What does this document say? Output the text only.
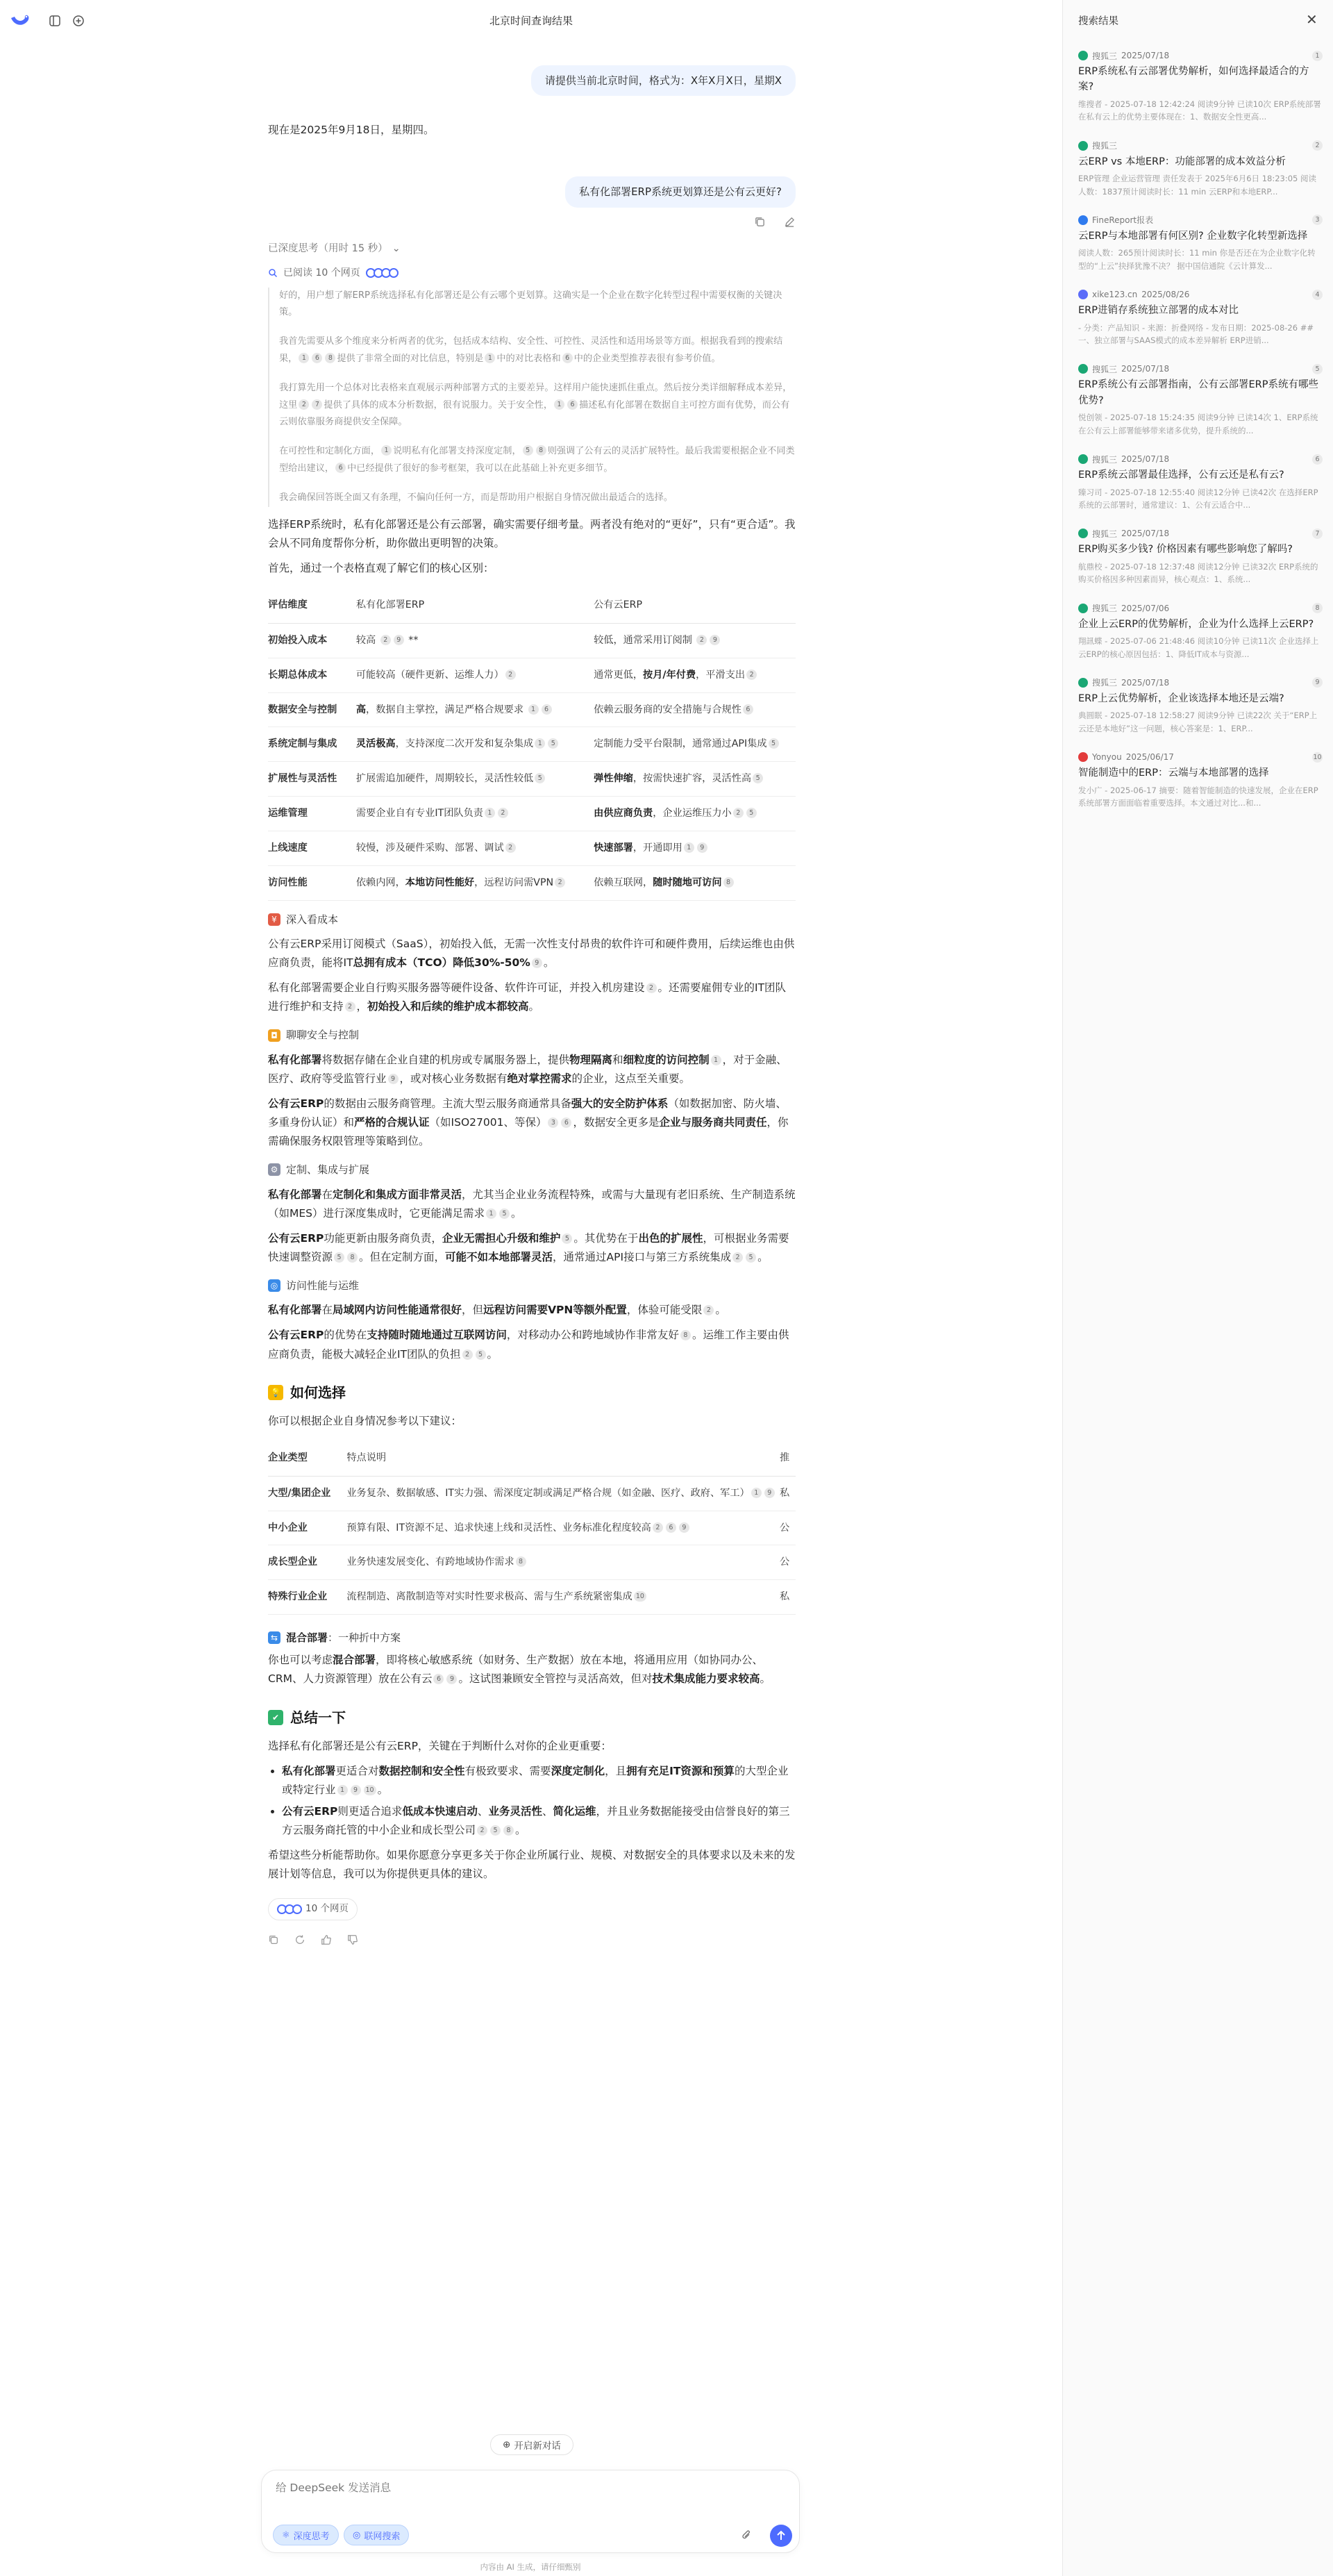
北京时间查询结果
请提供当前北京时间，格式为：X年X月X日，星期X

现在是2025年9月18日，星期四。

私有化部署ERP系统更划算还是公有云更好?
已深度思考（用时 15 秒） ⌄
已阅读 10 个网页

好的，用户想了解ERP系统选择私有化部署还是公有云哪个更划算。这确实是一个企业在数字化转型过程中需要权衡的关键决策。

我首先需要从多个维度来分析两者的优劣，包括成本结构、安全性、可控性、灵活性和适用场景等方面。根据我看到的搜索结果， 1 6 8 提供了非常全面的对比信息，特别是 1 中的对比表格和 6 中的企业类型推荐表很有参考价值。

我打算先用一个总体对比表格来直观展示两种部署方式的主要差异。这样用户能快速抓住重点。然后按分类详细解释成本差异，这里 2 7 提供了具体的成本分析数据，很有说服力。关于安全性， 1 6 描述私有化部署在数据自主可控方面有优势，而公有云则依靠服务商提供安全保障。

在可控性和定制化方面， 1 说明私有化部署支持深度定制， 5 8 则强调了公有云的灵活扩展特性。最后我需要根据企业不同类型给出建议， 6 中已经提供了很好的参考框架，我可以在此基础上补充更多细节。

我会确保回答既全面又有条理，不偏向任何一方，而是帮助用户根据自身情况做出最适合的选择。

选择ERP系统时，私有化部署还是公有云部署，确实需要仔细考量。两者没有绝对的“更好”，只有“更合适”。我会从不同角度帮你分析，助你做出更明智的决策。

首先，通过一个表格直观了解它们的核心区别：

评估维度	私有化部署ERP	公有云ERP
初始投入成本	较高 2 9 **	较低，通常采用订阅制 2 9
长期总体成本	可能较高（硬件更新、运维人力） 2	通常更低，按月/年付费，平滑支出 2
数据安全与控制	高，数据自主掌控，满足严格合规要求 1 6	依赖云服务商的安全措施与合规性 6
系统定制与集成	灵活极高，支持深度二次开发和复杂集成 1 5	定制能力受平台限制，通常通过API集成 5
扩展性与灵活性	扩展需追加硬件，周期较长，灵活性较低 5	弹性伸缩，按需快速扩容，灵活性高 5
运维管理	需要企业自有专业IT团队负责 1 2	由供应商负责，企业运维压力小 2 5
上线速度	较慢，涉及硬件采购、部署、调试 2	快速部署，开通即用 1 9
访问性能	依赖内网，本地访问性能好，远程访问需VPN 2	依赖互联网，随时随地可访问 8
¥ 深入看成本

公有云ERP采用订阅模式（SaaS），初始投入低，无需一次性支付昂贵的软件许可和硬件费用，后续运维也由供应商负责，能将IT总拥有成本（TCO）降低30%-50% 9 。

私有化部署需要企业自行购买服务器等硬件设备、软件许可证，并投入机房建设 2 。还需要雇佣专业的IT团队进行维护和支持 2 ，初始投入和后续的维护成本都较高。

◘ 聊聊安全与控制

私有化部署将数据存储在企业自建的机房或专属服务器上，提供物理隔离和细粒度的访问控制 1 ，对于金融、医疗、政府等受监管行业 9 ，或对核心业务数据有绝对掌控需求的企业，这点至关重要。

公有云ERP的数据由云服务商管理。主流大型云服务商通常具备强大的安全防护体系（如数据加密、防火墙、多重身份认证）和严格的合规认证（如ISO27001、等保） 3 6 ，数据安全更多是企业与服务商共同责任，你需确保服务权限管理等策略到位。

⚙ 定制、集成与扩展

私有化部署在定制化和集成方面非常灵活，尤其当企业业务流程特殊，或需与大量现有老旧系统、生产制造系统（如MES）进行深度集成时，它更能满足需求 1 5 。

公有云ERP功能更新由服务商负责，企业无需担心升级和维护 5 。其优势在于出色的扩展性，可根据业务需要快速调整资源 5 8 。但在定制方面，可能不如本地部署灵活，通常通过API接口与第三方系统集成 2 5 。

◎ 访问性能与运维

私有化部署在局域网内访问性能通常很好，但远程访问需要VPN等额外配置，体验可能受限 2 。

公有云ERP的优势在支持随时随地通过互联网访问，对移动办公和跨地域协作非常友好 8 。运维工作主要由供应商负责，能极大减轻企业IT团队的负担 2 5 。

💡 如何选择

你可以根据企业自身情况参考以下建议：

企业类型	特点说明	推
大型/集团企业	业务复杂、数据敏感、IT实力强、需深度定制或满足严格合规（如金融、医疗、政府、军工） 1 9	私
中小企业	预算有限、IT资源不足、追求快速上线和灵活性、业务标准化程度较高 2 6 9	公
成长型企业	业务快速发展变化、有跨地域协作需求 8	公
特殊行业企业	流程制造、离散制造等对实时性要求极高、需与生产系统紧密集成 10	私
⇆ 混合部署：一种折中方案

你也可以考虑混合部署，即将核心敏感系统（如财务、生产数据）放在本地，将通用应用（如协同办公、CRM、人力资源管理）放在公有云 6 9 。这试图兼顾安全管控与灵活高效，但对技术集成能力要求较高。

✔ 总结一下

选择私有化部署还是公有云ERP，关键在于判断什么对你的企业更重要：

• 私有化部署更适合对数据控制和安全性有极致要求、需要深度定制化，且拥有充足IT资源和预算的大型企业或特定行业 1 9 10 。
• 公有云ERP则更适合追求低成本快速启动、业务灵活性、简化运维，并且业务数据能接受由信誉良好的第三方云服务商托管的中小企业和成长型公司 2 5 8 。

希望这些分析能帮助你。如果你愿意分享更多关于你企业所属行业、规模、对数据安全的具体要求以及未来的发展计划等信息，我可以为你提供更具体的建议。

10 个网页
⊕ 开启新对话
给 DeepSeek 发送消息
⚛ 深度思考	◎ 联网搜索
内容由 AI 生成，请仔细甄别
搜索结果	✕
搜狐三 2025/07/18	1
ERP系统私有云部署优势解析，如何选择最适合的方案?
维搜者 - 2025-07-18 12:42:24 阅读9分钟 已读10次 ERP系统部署在私有云上的优势主要体现在：1、数据安全性更高...
搜狐三	2
云ERP vs 本地ERP：功能部署的成本效益分析
ERP管理 企业运营管理 责任发表于 2025年6月6日 18:23:05 阅读人数：1837预计阅读时长：11 min 云ERP和本地ERP...
FineReport报表	3
云ERP与本地部署有何区别? 企业数字化转型新选择
阅读人数：265预计阅读时长：11 min 你是否还在为企业数字化转型的“上云”抉择犹豫不决？ 据中国信通院《云计算发...
xike123.cn 2025/08/26	4
ERP进销存系统独立部署的成本对比
- 分类：产品知识 - 来源：折叠网络 - 发布日期：2025-08-26 ## 一、独立部署与SAAS模式的成本差异解析 ERP进销...
搜狐三 2025/07/18	5
ERP系统公有云部署指南，公有云部署ERP系统有哪些优势?
悦创领 - 2025-07-18 15:24:35 阅读9分钟 已读14次 1、ERP系统在公有云上部署能够带来诸多优势，提升系统的...
搜狐三 2025/07/18	6
ERP系统云部署最佳选择，公有云还是私有云?
臻习司 - 2025-07-18 12:55:40 阅读12分钟 已读42次 在选择ERP系统的云部署时，通常建议：1、公有云适合中...
搜狐三 2025/07/18	7
ERP购买多少钱? 价格因素有哪些影响您了解吗?
航鼎校 - 2025-07-18 12:37:48 阅读12分钟 已读32次 ERP系统的购买价格因多种因素而异，核心观点：1、系统...
搜狐三 2025/07/06	8
企业上云ERP的优势解析，企业为什么选择上云ERP?
翔訊蝶 - 2025-07-06 21:48:46 阅读10分钟 已读11次 企业选择上云ERP的核心原因包括：1、降低IT成本与资源...
搜狐三 2025/07/18	9
ERP上云优势解析，企业该选择本地还是云端?
典圆眠 - 2025-07-18 12:58:27 阅读9分钟 已读22次 关于“ERP上云还是本地好”这一问题，核心答案是：1、ERP...
Yonyou 2025/06/17	10
智能制造中的ERP：云端与本地部署的选择
发小广 - 2025-06-17 摘要：随着智能制造的快速发展，企业在ERP系统部署方面面临着重要选择。本文通过对比...和...
